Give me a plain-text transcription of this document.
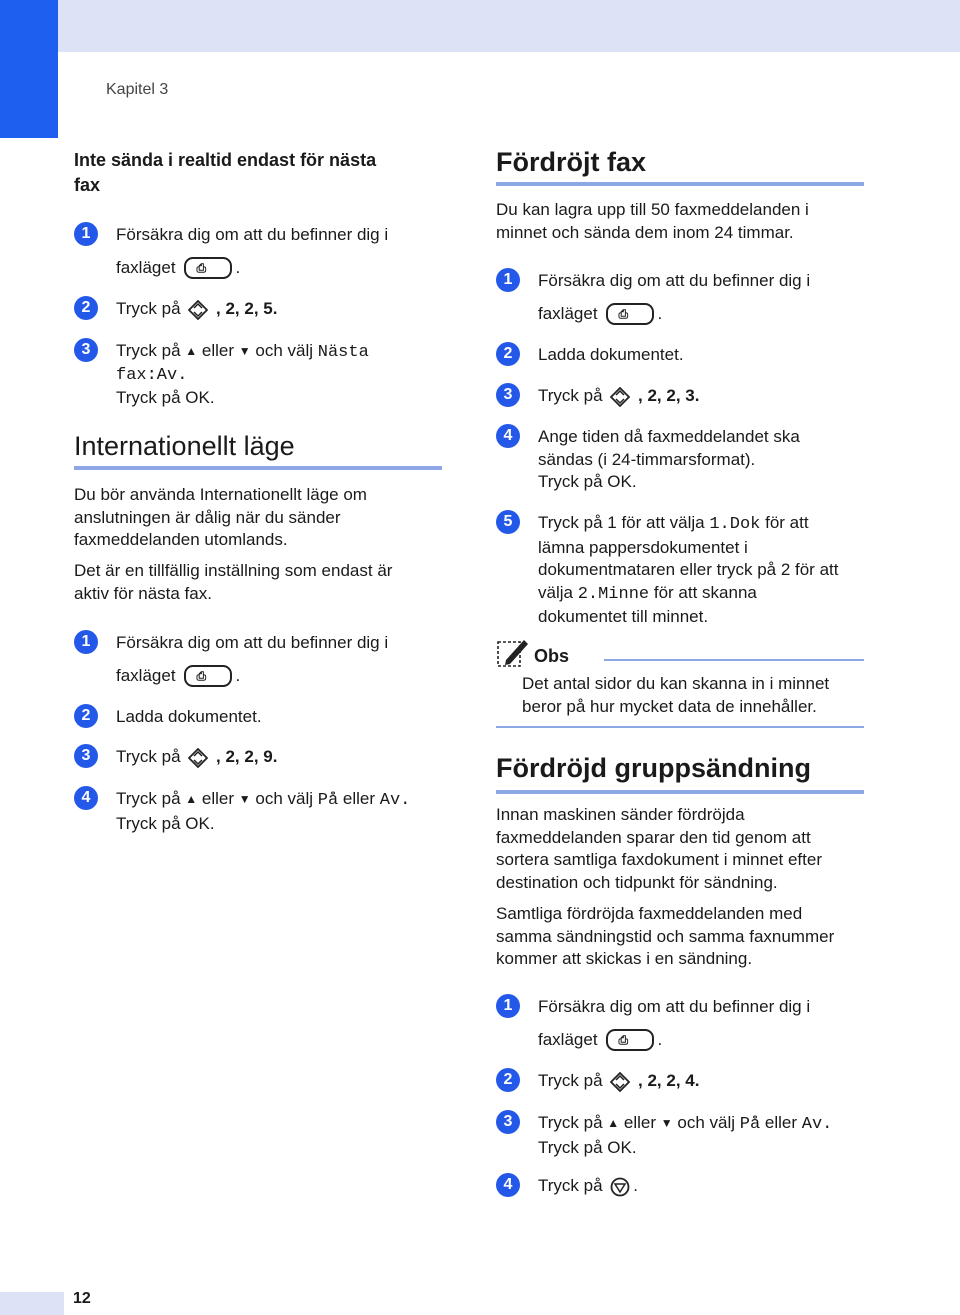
Kapitel 3
Inte sända i realtid endast för nästa
fax
1	Försäkra dig om att du befinner dig i
faxläget ⎙ .
2	Tryck på , 2, 2, 5.
3	Tryck på ▲ eller ▼ och välj Nästa
fax:Av.
Tryck på OK.
Internationellt läge
Du bör använda Internationellt läge om
anslutningen är dålig när du sänder
faxmeddelanden utomlands.
Det är en tillfällig inställning som endast är
aktiv för nästa fax.
1	Försäkra dig om att du befinner dig i
faxläget ⎙ .
2	Ladda dokumentet.
3	Tryck på , 2, 2, 9.
4	Tryck på ▲ eller ▼ och välj På eller Av.
Tryck på OK.
Fördröjt fax
Du kan lagra upp till 50 faxmeddelanden i
minnet och sända dem inom 24 timmar.
1	Försäkra dig om att du befinner dig i
faxläget ⎙ .
2	Ladda dokumentet.
3	Tryck på , 2, 2, 3.
4	Ange tiden då faxmeddelandet ska
sändas (i 24-timmarsformat).
Tryck på OK.
5	Tryck på 1 för att välja 1.Dok för att
lämna pappersdokumentet i
dokumentmataren eller tryck på 2 för att
välja 2.Minne för att skanna
dokumentet till minnet.
Obs
Det antal sidor du kan skanna in i minnet
beror på hur mycket data de innehåller.
Fördröjd gruppsändning
Innan maskinen sänder fördröjda
faxmeddelanden sparar den tid genom att
sortera samtliga faxdokument i minnet efter
destination och tidpunkt för sändning.
Samtliga fördröjda faxmeddelanden med
samma sändningstid och samma faxnummer
kommer att skickas i en sändning.
1	Försäkra dig om att du befinner dig i
faxläget ⎙ .
2	Tryck på , 2, 2, 4.
3	Tryck på ▲ eller ▼ och välj På eller Av.
Tryck på OK.
4	Tryck på .
12
